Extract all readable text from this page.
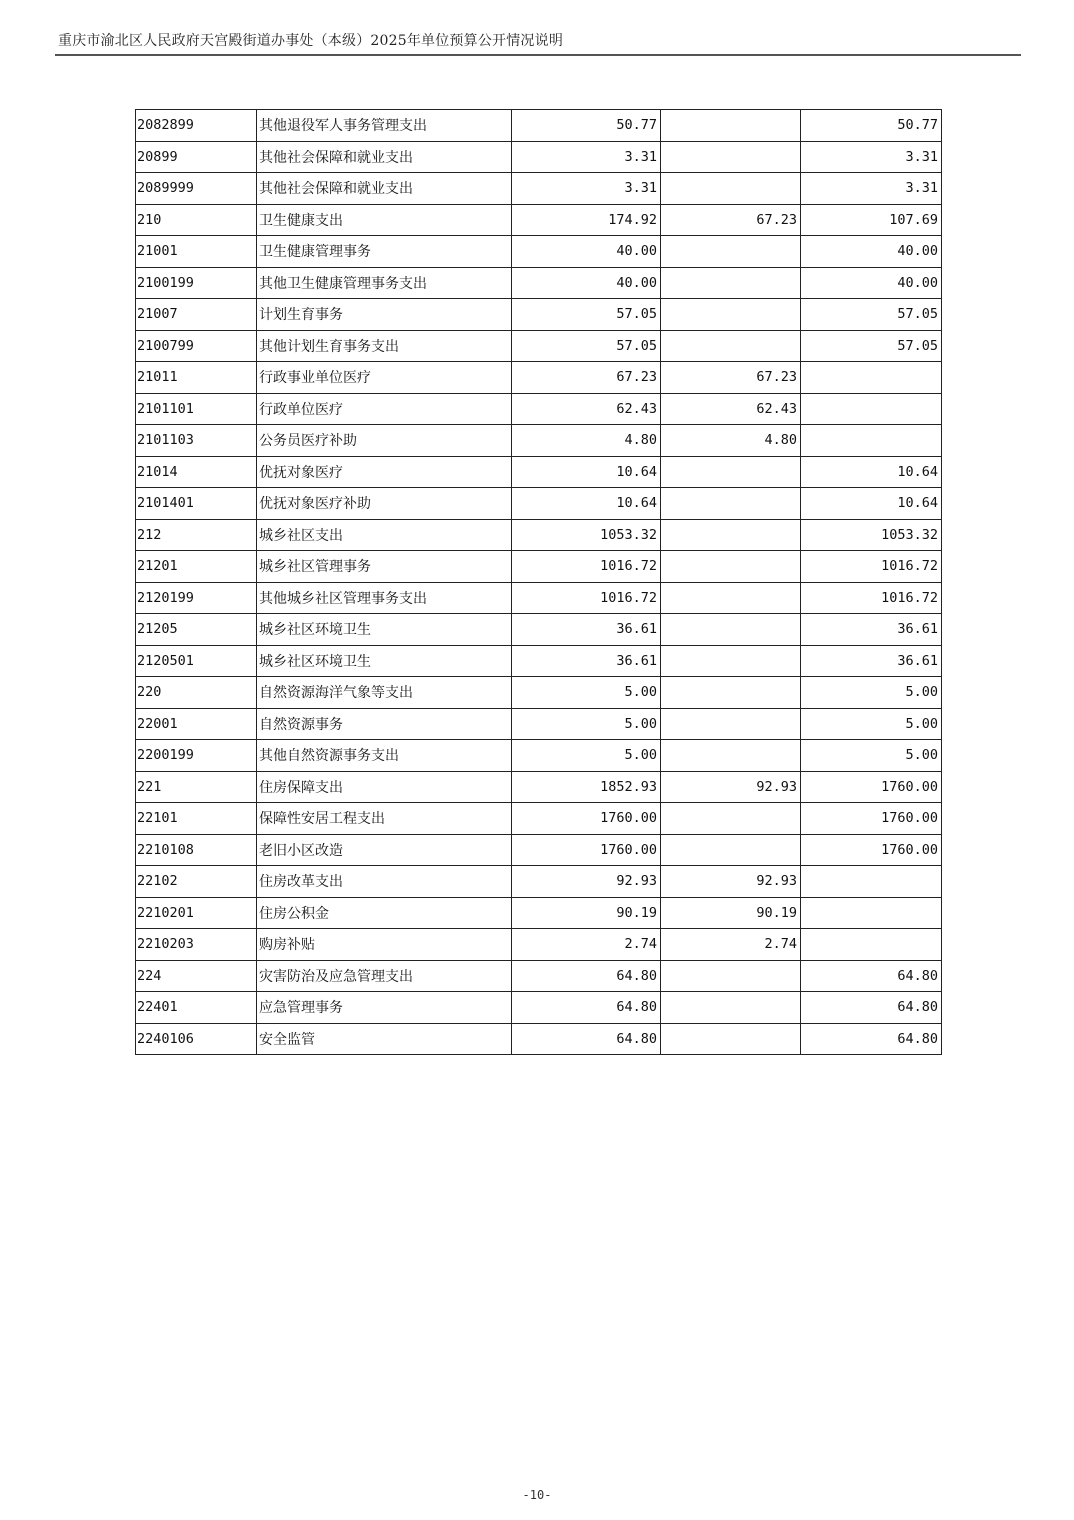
重庆市渝北区人民政府天宫殿街道办事处（本级）2025年单位预算公开情况说明
2082899	其他退役军人事务管理支出	50.77		50.77
20899	其他社会保障和就业支出	3.31		3.31
2089999	其他社会保障和就业支出	3.31		3.31
210	卫生健康支出	174.92	67.23	107.69
21001	卫生健康管理事务	40.00		40.00
2100199	其他卫生健康管理事务支出	40.00		40.00
21007	计划生育事务	57.05		57.05
2100799	其他计划生育事务支出	57.05		57.05
21011	行政事业单位医疗	67.23	67.23	
2101101	行政单位医疗	62.43	62.43	
2101103	公务员医疗补助	4.80	4.80	
21014	优抚对象医疗	10.64		10.64
2101401	优抚对象医疗补助	10.64		10.64
212	城乡社区支出	1053.32		1053.32
21201	城乡社区管理事务	1016.72		1016.72
2120199	其他城乡社区管理事务支出	1016.72		1016.72
21205	城乡社区环境卫生	36.61		36.61
2120501	城乡社区环境卫生	36.61		36.61
220	自然资源海洋气象等支出	5.00		5.00
22001	自然资源事务	5.00		5.00
2200199	其他自然资源事务支出	5.00		5.00
221	住房保障支出	1852.93	92.93	1760.00
22101	保障性安居工程支出	1760.00		1760.00
2210108	老旧小区改造	1760.00		1760.00
22102	住房改革支出	92.93	92.93	
2210201	住房公积金	90.19	90.19	
2210203	购房补贴	2.74	2.74	
224	灾害防治及应急管理支出	64.80		64.80
22401	应急管理事务	64.80		64.80
2240106	安全监管	64.80		64.80
-10-
